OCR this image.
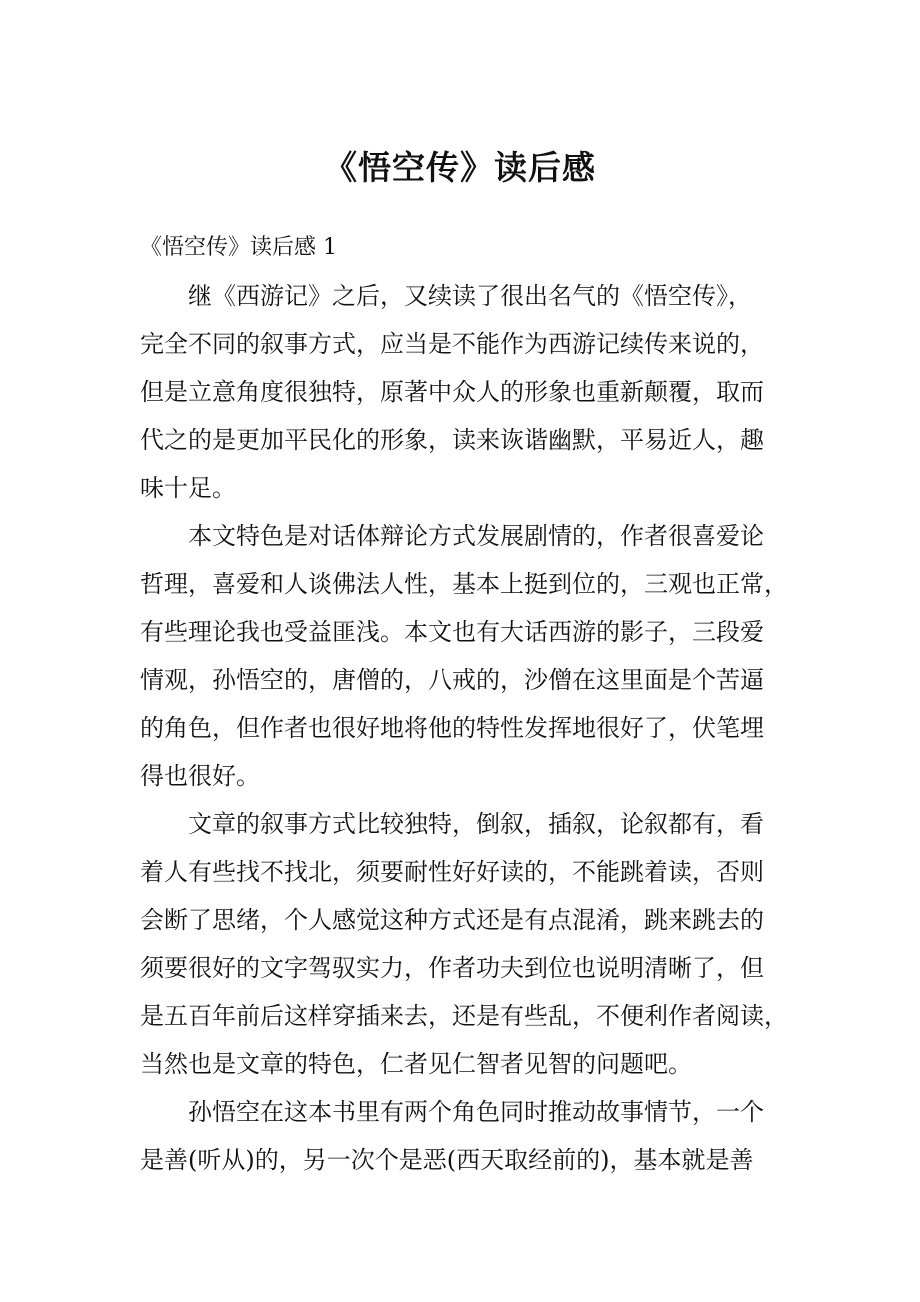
《悟空传》读后感
《悟空传》读后感 1
继《西游记》之后，又续读了很出名气的《悟空传》，
完全不同的叙事方式，应当是不能作为西游记续传来说的，
但是立意角度很独特，原著中众人的形象也重新颠覆，取而
代之的是更加平民化的形象，读来诙谐幽默，平易近人，趣
味十足。
本文特色是对话体辩论方式发展剧情的，作者很喜爱论
哲理，喜爱和人谈佛法人性，基本上挺到位的，三观也正常，
有些理论我也受益匪浅。本文也有大话西游的影子，三段爱
情观，孙悟空的，唐僧的，八戒的，沙僧在这里面是个苦逼
的角色，但作者也很好地将他的特性发挥地很好了，伏笔埋
得也很好。
文章的叙事方式比较独特，倒叙，插叙，论叙都有，看
着人有些找不找北，须要耐性好好读的，不能跳着读，否则
会断了思绪，个人感觉这种方式还是有点混淆，跳来跳去的
须要很好的文字驾驭实力，作者功夫到位也说明清晰了，但
是五百年前后这样穿插来去，还是有些乱，不便利作者阅读，
当然也是文章的特色，仁者见仁智者见智的问题吧。
孙悟空在这本书里有两个角色同时推动故事情节，一个
是善(听从)的，另一次个是恶(西天取经前的)，基本就是善
